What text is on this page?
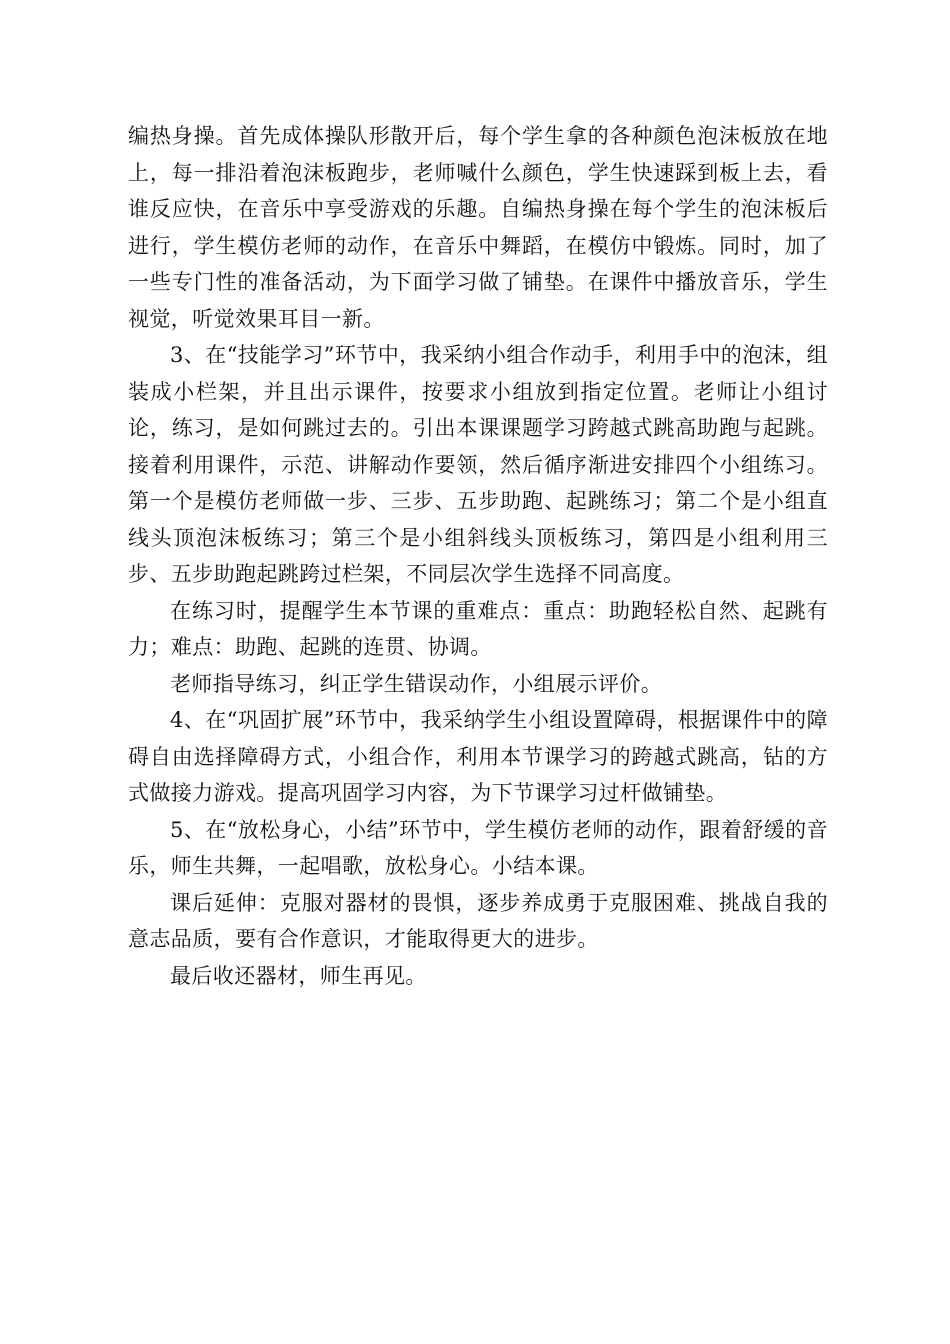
编热身操。首先成体操队形散开后，每个学生拿的各种颜色泡沫板放在地上，每一排沿着泡沫板跑步，老师喊什么颜色，学生快速踩到板上去，看谁反应快，在音乐中享受游戏的乐趣。自编热身操在每个学生的泡沫板后进行，学生模仿老师的动作，在音乐中舞蹈，在模仿中锻炼。同时，加了一些专门性的准备活动，为下面学习做了铺垫。在课件中播放音乐，学生视觉，听觉效果耳目一新。

3、在“技能学习”环节中，我采纳小组合作动手，利用手中的泡沫，组装成小栏架，并且出示课件，按要求小组放到指定位置。老师让小组讨论，练习，是如何跳过去的。引出本课课题学习跨越式跳高助跑与起跳。接着利用课件，示范、讲解动作要领，然后循序渐进安排四个小组练习。第一个是模仿老师做一步、三步、五步助跑、起跳练习；第二个是小组直线头顶泡沫板练习；第三个是小组斜线头顶板练习，第四是小组利用三步、五步助跑起跳跨过栏架，不同层次学生选择不同高度。

在练习时，提醒学生本节课的重难点：重点：助跑轻松自然、起跳有力；难点：助跑、起跳的连贯、协调。

老师指导练习，纠正学生错误动作，小组展示评价。

4、在“巩固扩展”环节中，我采纳学生小组设置障碍，根据课件中的障碍自由选择障碍方式，小组合作，利用本节课学习的跨越式跳高，钻的方式做接力游戏。提高巩固学习内容，为下节课学习过杆做铺垫。

5、在“放松身心，小结”环节中，学生模仿老师的动作，跟着舒缓的音乐，师生共舞，一起唱歌，放松身心。小结本课。

课后延伸：克服对器材的畏惧，逐步养成勇于克服困难、挑战自我的意志品质，要有合作意识，才能取得更大的进步。

最后收还器材，师生再见。
